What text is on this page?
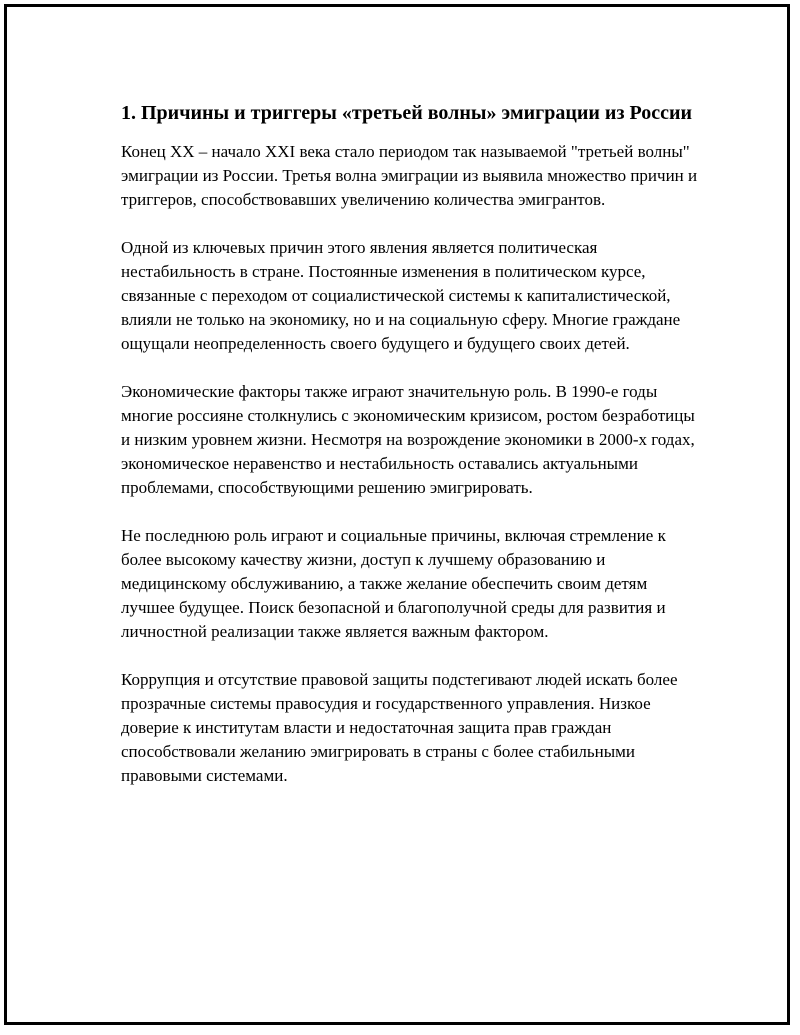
1. Причины и триггеры «третьей волны» эмиграции из России

Конец XX – начало XXI века стало периодом так называемой "третьей волны" эмиграции из России. Третья волна эмиграции из выявила множество причин и триггеров, способствовавших увеличению количества эмигрантов.

Одной из ключевых причин этого явления является политическая нестабильность в стране. Постоянные изменения в политическом курсе, связанные с переходом от социалистической системы к капиталистической, влияли не только на экономику, но и на социальную сферу. Многие граждане ощущали неопределенность своего будущего и будущего своих детей.

Экономические факторы также играют значительную роль. В 1990-е годы многие россияне столкнулись с экономическим кризисом, ростом безработицы и низким уровнем жизни. Несмотря на возрождение экономики в 2000-х годах, экономическое неравенство и нестабильность оставались актуальными проблемами, способствующими решению эмигрировать.

Не последнюю роль играют и социальные причины, включая стремление к более высокому качеству жизни, доступ к лучшему образованию и медицинскому обслуживанию, а также желание обеспечить своим детям лучшее будущее. Поиск безопасной и благополучной среды для развития и личностной реализации также является важным фактором.

Коррупция и отсутствие правовой защиты подстегивают людей искать более прозрачные системы правосудия и государственного управления. Низкое доверие к институтам власти и недостаточная защита прав граждан способствовали желанию эмигрировать в страны с более стабильными правовыми системами.
